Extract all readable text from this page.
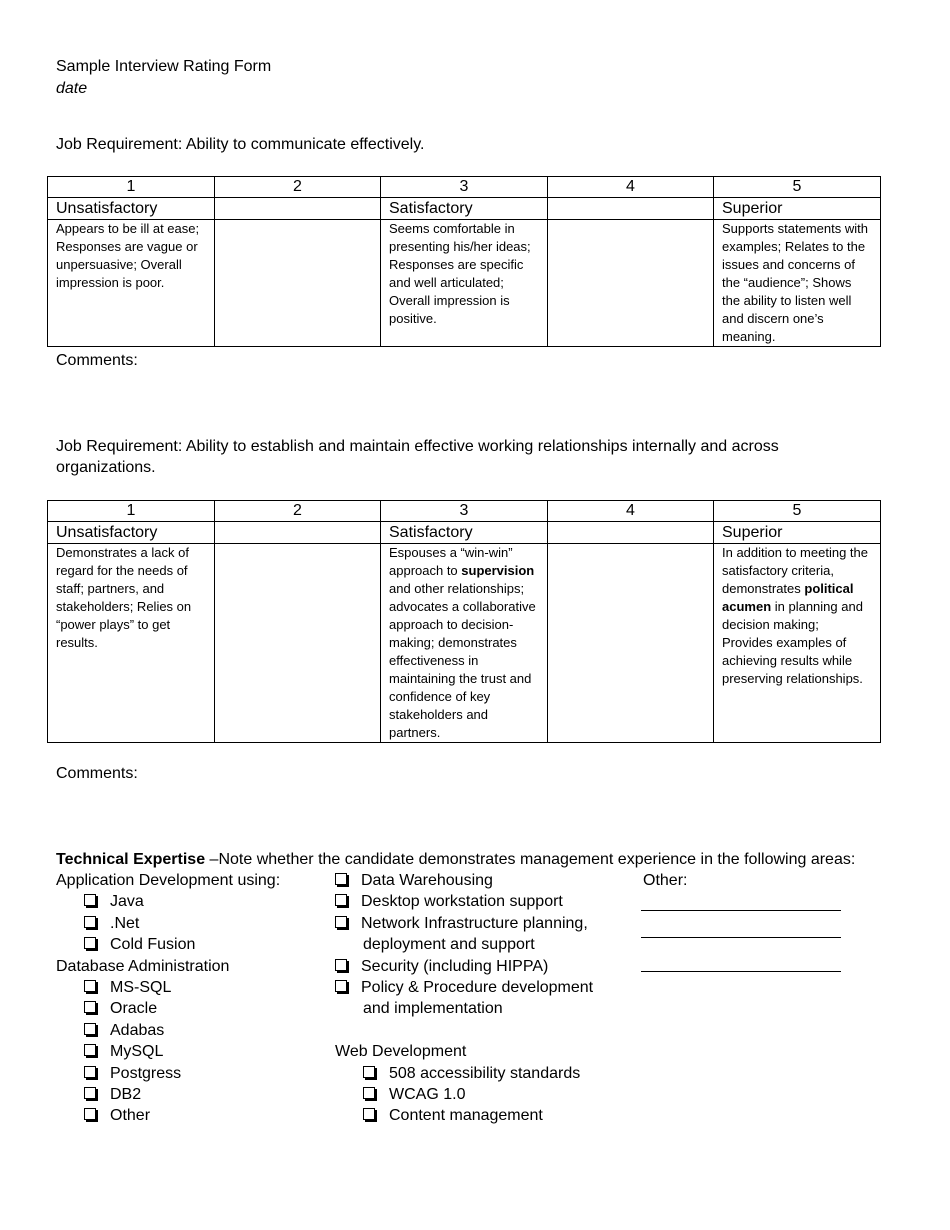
Sample Interview Rating Form
date
Job Requirement: Ability to communicate effectively.
1	2	3	4	5
Unsatisfactory		Satisfactory		Superior
Appears to be ill at ease; Responses are vague or unpersuasive; Overall impression is poor.		Seems comfortable in presenting his/her ideas; Responses are specific and well articulated; Overall impression is positive.		Supports statements with examples; Relates to the issues and concerns of the “audience”; Shows the ability to listen well and discern one’s meaning.
Comments:
Job Requirement: Ability to establish and maintain effective working relationships internally and across organizations.
1	2	3	4	5
Unsatisfactory		Satisfactory		Superior
Demonstrates a lack of regard for the needs of staff; partners, and stakeholders; Relies on “power plays” to get results.		Espouses a “win-win” approach to supervision and other relationships; advocates a collaborative approach to decision-making; demonstrates effectiveness in maintaining the trust and confidence of key stakeholders and partners.		In addition to meeting the satisfactory criteria, demonstrates political acumen in planning and decision making; Provides examples of achieving results while preserving relationships.
Comments:
Technical Expertise –Note whether the candidate demonstrates management experience in the following areas:
Application Development using:
Java
.Net
Cold Fusion
Database Administration
MS-SQL
Oracle
Adabas
MySQL
Postgress
DB2
Other
Data Warehousing
Desktop workstation support
Network Infrastructure planning,
deployment and support
Security (including HIPPA)
Policy & Procedure development
and implementation
Web Development
508 accessibility standards
WCAG 1.0
Content management
Other:
